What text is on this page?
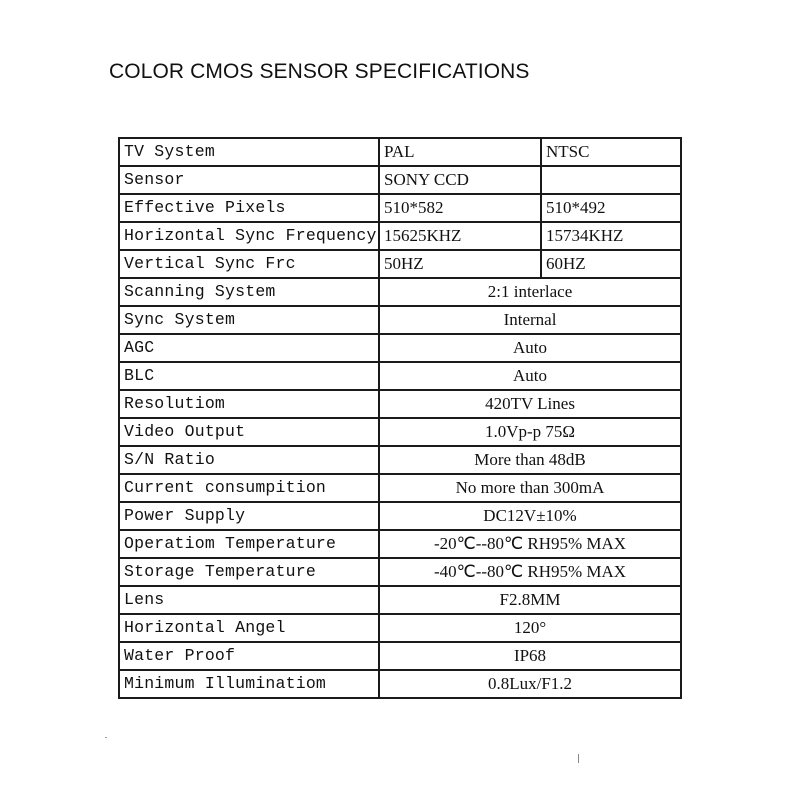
COLOR CMOS SENSOR SPECIFICATIONS
TV System	PAL	NTSC
Sensor	SONY CCD	
Effective Pixels	510*582	510*492
Horizontal Sync Frequency	15625KHZ	15734KHZ
Vertical Sync Frc	50HZ	60HZ
Scanning System	2:1 interlace	
Sync System	Internal	
AGC	Auto	
BLC	Auto	
Resolutiom	420TV Lines	
Video Output	1.0Vp-p 75Ω	
S/N Ratio	More than 48dB	
Current consumpition	No more than 300mA	
Power Supply	DC12V±10%	
Operatiom Temperature	-20℃--80℃ RH95% MAX	
Storage Temperature	-40℃--80℃ RH95% MAX	
Lens	F2.8MM	
Horizontal Angel	120°	
Water Proof	IP68	
Minimum Illuminatiom	0.8Lux/F1.2	
